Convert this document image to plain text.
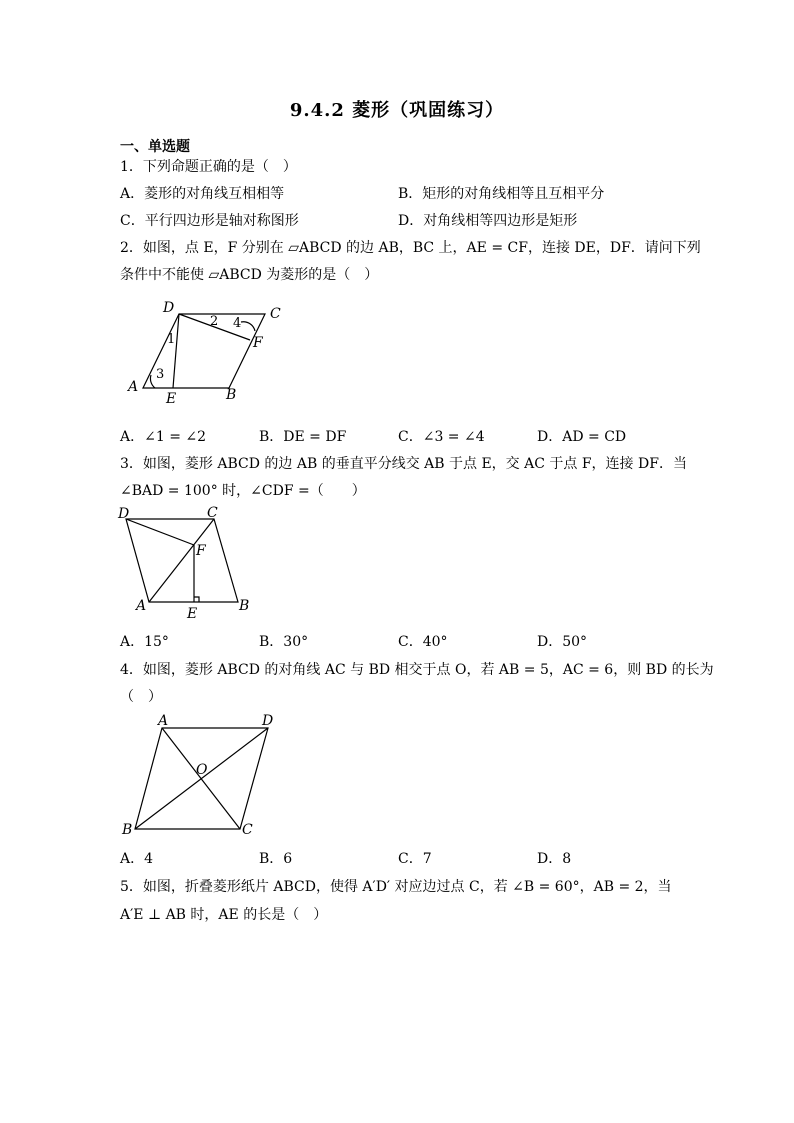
9.4.2 菱形（巩固练习）
一、单选题
1．下列命题正确的是（　）
A．菱形的对角线互相相等	B．矩形的对角线相等且互相平分
C．平行四边形是轴对称图形	D．对角线相等四边形是矩形
2．如图，点 E，F 分别在 ▱ABCD 的边 AB，BC 上，AE = CF，连接 DE，DF．请问下列
条件中不能使 ▱ABCD 为菱形的是（　）
D	C
F
A
E	B
1
2
3
4
A．∠1 = ∠2	B．DE = DF	C．∠3 = ∠4	D．AD = CD
3．如图，菱形 ABCD 的边 AB 的垂直平分线交 AB 于点 E，交 AC 于点 F，连接 DF．当
∠BAD = 100° 时，∠CDF =（　　）
D	C
F
A	E	B
A．15°	B．30°	C．40°	D．50°
4．如图，菱形 ABCD 的对角线 AC 与 BD 相交于点 O，若 AB = 5，AC = 6，则 BD 的长为
（　）
A	D
O
B	C
A．4	B．6	C．7	D．8
5．如图，折叠菱形纸片 ABCD，使得 A′D′ 对应边过点 C，若 ∠B = 60°，AB = 2，当
A′E ⊥ AB 时，AE 的长是（　）
